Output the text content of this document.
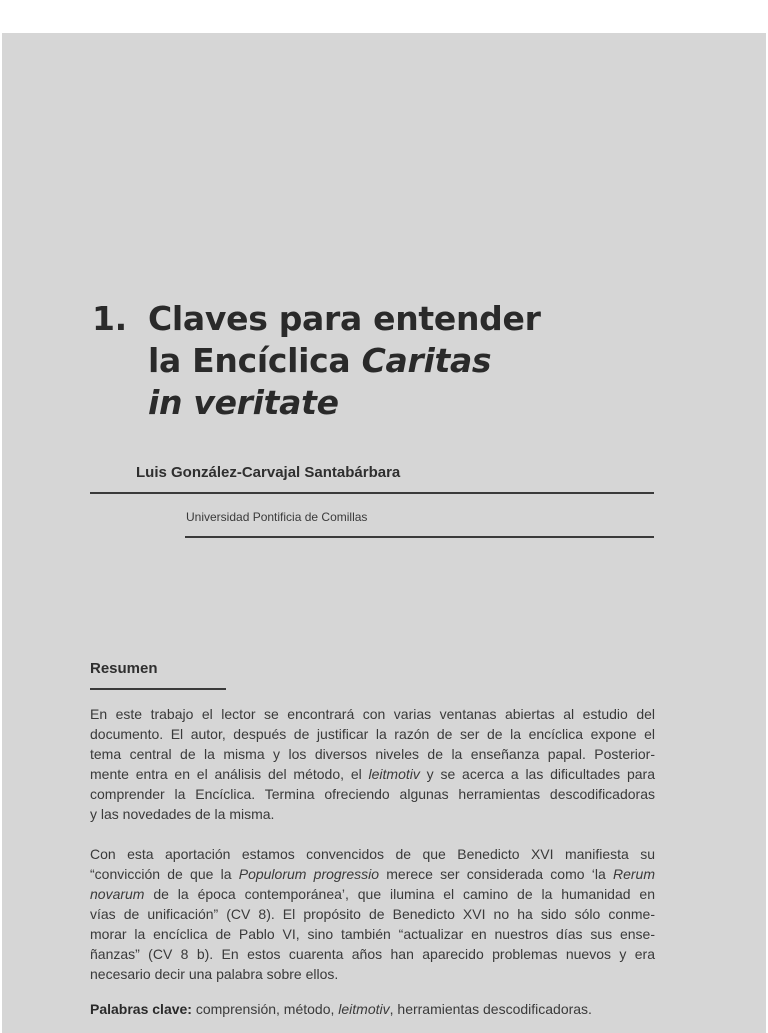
1. Claves para entender
la Encíclica Caritas
in veritate
Luis González-Carvajal Santabárbara
Universidad Pontificia de Comillas
Resumen
En este trabajo el lector se encontrará con varias ventanas abiertas al estudio del
documento. El autor, después de justificar la razón de ser de la encíclica expone el
tema central de la misma y los diversos niveles de la enseñanza papal. Posterior-
mente entra en el análisis del método, el leitmotiv y se acerca a las dificultades para
comprender la Encíclica. Termina ofreciendo algunas herramientas descodificadoras
y las novedades de la misma.
Con esta aportación estamos convencidos de que Benedicto XVI manifiesta su
“convicción de que la Populorum progressio merece ser considerada como ‘la Rerum
novarum de la época contemporánea’, que ilumina el camino de la humanidad en
vías de unificación” (CV 8). El propósito de Benedicto XVI no ha sido sólo conme-
morar la encíclica de Pablo VI, sino también “actualizar en nuestros días sus ense-
ñanzas” (CV 8 b). En estos cuarenta años han aparecido problemas nuevos y era
necesario decir una palabra sobre ellos.
Palabras clave: comprensión, método, leitmotiv, herramientas descodificadoras.
